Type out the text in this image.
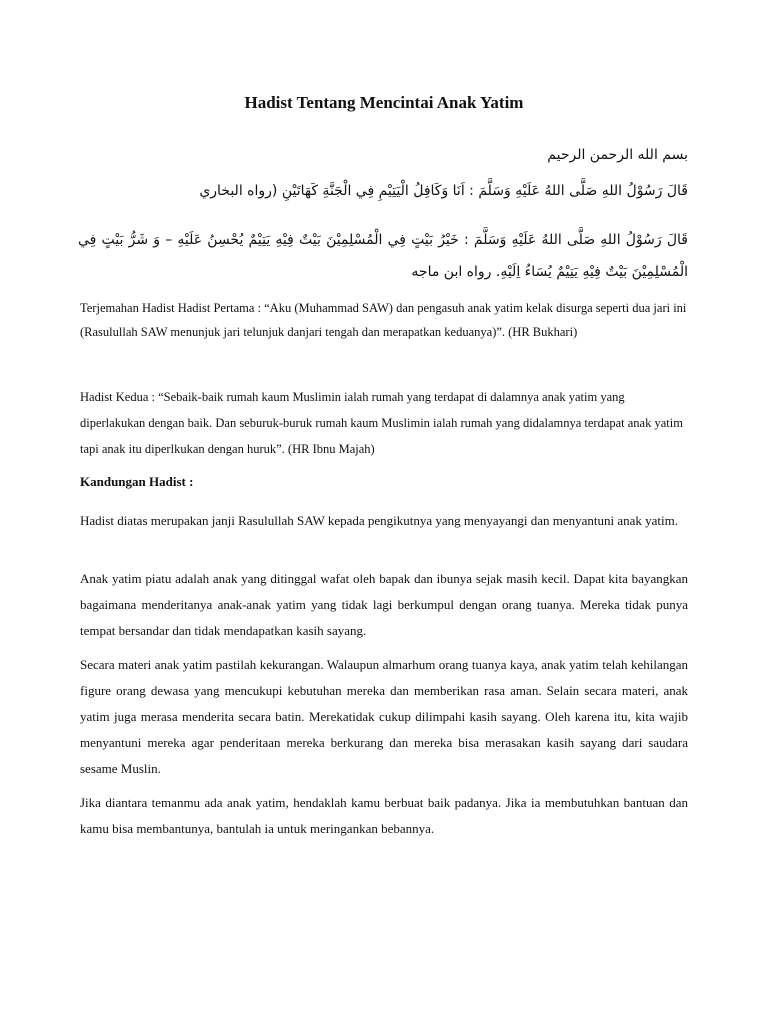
Hadist Tentang Mencintai Anak Yatim

بسم الله الرحمن الرحيم

قَالَ رَسُوْلُ اللهِ صَلَّى اللهُ عَلَيْهِ وَسَلَّمَ : اَنَا وَكَافِلُ الْيَتِيْمِ فِي الْجَنَّةِ كَهَاتَيْنِ (رواه البخاري

قَالَ رَسُوْلُ اللهِ صَلَّى اللهُ عَلَيْهِ وَسَلَّمَ : خَيْرُ بَيْتٍ فِي الْمُسْلِمِيْنَ بَيْتٌ فِيْهِ يَتِيْمٌ يُحْسِنُ عَلَيْهِ – وَ شَرُّ بَيْتٍ فِي الْمُسْلِمِيْنَ بَيْتٌ فِيْهِ يَتِيْمٌ يُسَاءُ اِلَيْهِ. رواه ابن ماجه

Terjemahan Hadist Hadist Pertama : “Aku (Muhammad SAW) dan pengasuh anak yatim kelak disurga seperti dua jari ini (Rasulullah SAW menunjuk jari telunjuk danjari tengah dan merapatkan keduanya)”. (HR Bukhari)

Hadist Kedua : “Sebaik-baik rumah kaum Muslimin ialah rumah yang terdapat di dalamnya anak yatim yang diperlakukan dengan baik. Dan seburuk-buruk rumah kaum Muslimin ialah rumah yang didalamnya terdapat anak yatim tapi anak itu diperlkukan dengan huruk”. (HR Ibnu Majah)

Kandungan Hadist :

Hadist diatas merupakan janji Rasulullah SAW kepada pengikutnya yang menyayangi dan menyantuni anak yatim.

Anak yatim piatu adalah anak yang ditinggal wafat oleh bapak dan ibunya sejak masih kecil. Dapat kita bayangkan bagaimana menderitanya anak-anak yatim yang tidak lagi berkumpul dengan orang tuanya. Mereka tidak punya tempat bersandar dan tidak mendapatkan kasih sayang.

Secara materi anak yatim pastilah kekurangan. Walaupun almarhum orang tuanya kaya, anak yatim telah kehilangan figure orang dewasa yang mencukupi kebutuhan mereka dan memberikan rasa aman. Selain secara materi, anak yatim juga merasa menderita secara batin. Merekatidak cukup dilimpahi kasih sayang. Oleh karena itu, kita wajib menyantuni mereka agar penderitaan mereka berkurang dan mereka bisa merasakan kasih sayang dari saudara sesame Muslin.

Jika diantara temanmu ada anak yatim, hendaklah kamu berbuat baik padanya. Jika ia membutuhkan bantuan dan kamu bisa membantunya, bantulah ia untuk meringankan bebannya.
